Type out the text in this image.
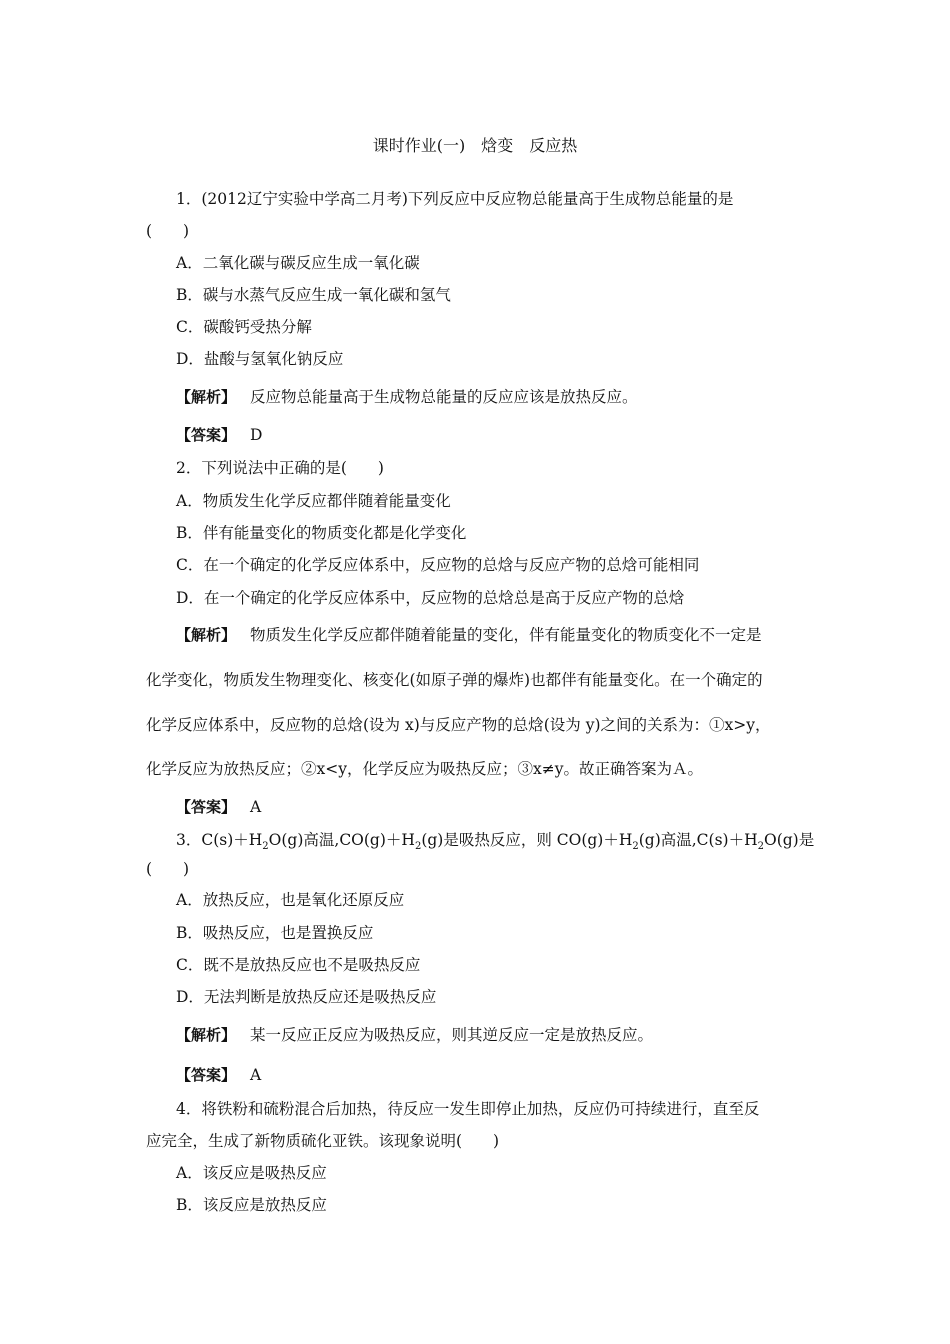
课时作业(一)　焓变　反应热
1．(2012辽宁实验中学高二月考)下列反应中反应物总能量高于生成物总能量的是
(　　)
A．二氧化碳与碳反应生成一氧化碳
B．碳与水蒸气反应生成一氧化碳和氢气
C．碳酸钙受热分解
D．盐酸与氢氧化钠反应
【解析】 反应物总能量高于生成物总能量的反应应该是放热反应。
【答案】 D
2．下列说法中正确的是(　　)
A．物质发生化学反应都伴随着能量变化
B．伴有能量变化的物质变化都是化学变化
C．在一个确定的化学反应体系中，反应物的总焓与反应产物的总焓可能相同
D．在一个确定的化学反应体系中，反应物的总焓总是高于反应产物的总焓
【解析】 物质发生化学反应都伴随着能量的变化，伴有能量变化的物质变化不一定是
化学变化，物质发生物理变化、核变化(如原子弹的爆炸)也都伴有能量变化。在一个确定的
化学反应体系中，反应物的总焓(设为 x)与反应产物的总焓(设为 y)之间的关系为：①x>y，
化学反应为放热反应；②x<y，化学反应为吸热反应；③x≠y。故正确答案为Ａ。
【答案】 A
3．$C(s)+H_2O(g)$高温$,CO(g)+H_2(g)$是吸热反应，则 $CO(g)+H_2(g)$高温$,C(s)+H_2O(g)$是
(　　)
A．放热反应，也是氧化还原反应
B．吸热反应，也是置换反应
C．既不是放热反应也不是吸热反应
D．无法判断是放热反应还是吸热反应
【解析】 某一反应正反应为吸热反应，则其逆反应一定是放热反应。
【答案】 A
4．将铁粉和硫粉混合后加热，待反应一发生即停止加热，反应仍可持续进行，直至反
应完全，生成了新物质硫化亚铁。该现象说明(　　)
A．该反应是吸热反应
B．该反应是放热反应
